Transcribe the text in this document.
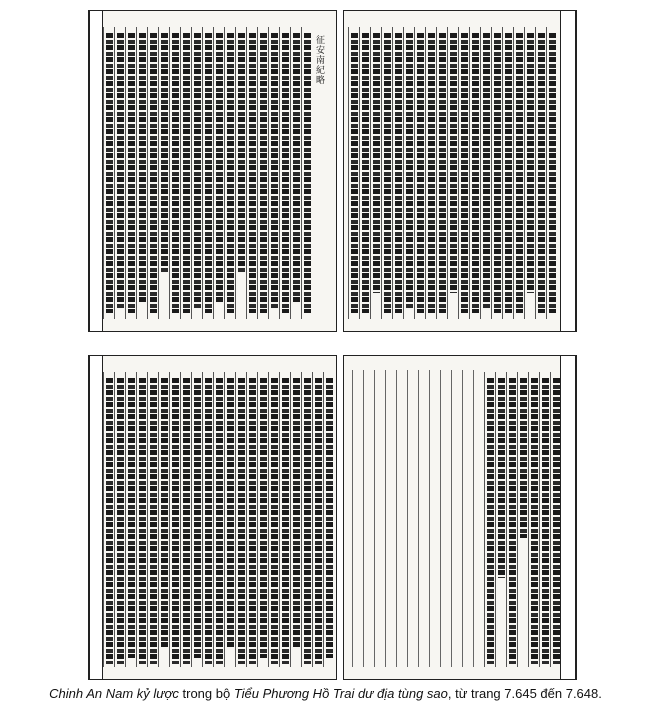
征安南紀略
Chinh An Nam kỷ lược trong bộ Tiểu Phương Hồ Trai dư địa tùng sao, từ trang 7.645 đến 7.648.
